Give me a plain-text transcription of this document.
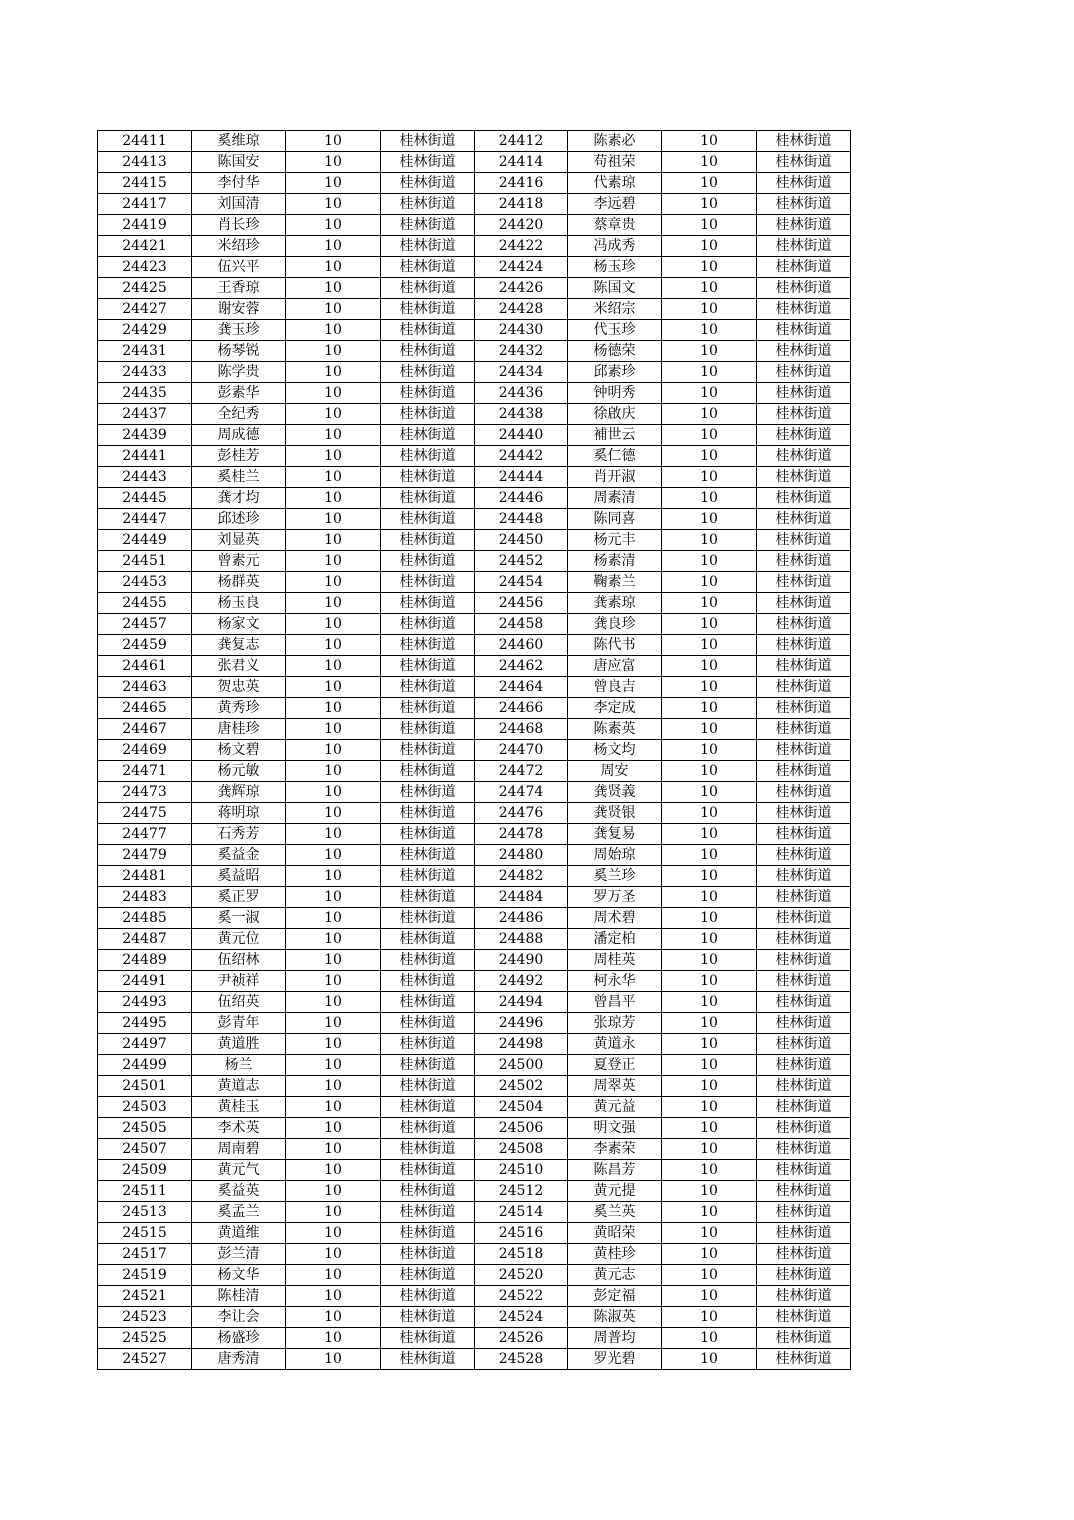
24411	奚维琼	10	桂林街道	24412	陈素必	10	桂林街道
24413	陈国安	10	桂林街道	24414	苟祖荣	10	桂林街道
24415	李付华	10	桂林街道	24416	代素琼	10	桂林街道
24417	刘国清	10	桂林街道	24418	李远碧	10	桂林街道
24419	肖长珍	10	桂林街道	24420	蔡章贵	10	桂林街道
24421	米绍珍	10	桂林街道	24422	冯成秀	10	桂林街道
24423	伍兴平	10	桂林街道	24424	杨玉珍	10	桂林街道
24425	王香琼	10	桂林街道	24426	陈国文	10	桂林街道
24427	谢安蓉	10	桂林街道	24428	米绍宗	10	桂林街道
24429	龚玉珍	10	桂林街道	24430	代玉珍	10	桂林街道
24431	杨琴锐	10	桂林街道	24432	杨德荣	10	桂林街道
24433	陈学贵	10	桂林街道	24434	邱素珍	10	桂林街道
24435	彭素华	10	桂林街道	24436	钟明秀	10	桂林街道
24437	全纪秀	10	桂林街道	24438	徐啟庆	10	桂林街道
24439	周成德	10	桂林街道	24440	補世云	10	桂林街道
24441	彭桂芳	10	桂林街道	24442	奚仁德	10	桂林街道
24443	奚桂兰	10	桂林街道	24444	肖开淑	10	桂林街道
24445	龚才均	10	桂林街道	24446	周素清	10	桂林街道
24447	邱述珍	10	桂林街道	24448	陈同喜	10	桂林街道
24449	刘显英	10	桂林街道	24450	杨元丰	10	桂林街道
24451	曾素元	10	桂林街道	24452	杨素清	10	桂林街道
24453	杨群英	10	桂林街道	24454	鞠素兰	10	桂林街道
24455	杨玉良	10	桂林街道	24456	龚素琼	10	桂林街道
24457	杨家文	10	桂林街道	24458	龚良珍	10	桂林街道
24459	龚复志	10	桂林街道	24460	陈代书	10	桂林街道
24461	张君义	10	桂林街道	24462	唐应富	10	桂林街道
24463	贺忠英	10	桂林街道	24464	曾良吉	10	桂林街道
24465	黄秀珍	10	桂林街道	24466	李定成	10	桂林街道
24467	唐桂珍	10	桂林街道	24468	陈素英	10	桂林街道
24469	杨文碧	10	桂林街道	24470	杨文均	10	桂林街道
24471	杨元敏	10	桂林街道	24472	周安	10	桂林街道
24473	龚辉琼	10	桂林街道	24474	龚贤義	10	桂林街道
24475	蒋明琼	10	桂林街道	24476	龚贤银	10	桂林街道
24477	石秀芳	10	桂林街道	24478	龚复易	10	桂林街道
24479	奚益金	10	桂林街道	24480	周始琼	10	桂林街道
24481	奚益昭	10	桂林街道	24482	奚兰珍	10	桂林街道
24483	奚正罗	10	桂林街道	24484	罗万圣	10	桂林街道
24485	奚一淑	10	桂林街道	24486	周术碧	10	桂林街道
24487	黄元位	10	桂林街道	24488	潘定柏	10	桂林街道
24489	伍绍林	10	桂林街道	24490	周桂英	10	桂林街道
24491	尹祯祥	10	桂林街道	24492	柯永华	10	桂林街道
24493	伍绍英	10	桂林街道	24494	曾昌平	10	桂林街道
24495	彭青年	10	桂林街道	24496	张琼芳	10	桂林街道
24497	黄道胜	10	桂林街道	24498	黄道永	10	桂林街道
24499	杨兰	10	桂林街道	24500	夏登正	10	桂林街道
24501	黄道志	10	桂林街道	24502	周翠英	10	桂林街道
24503	黄桂玉	10	桂林街道	24504	黄元益	10	桂林街道
24505	李术英	10	桂林街道	24506	明文强	10	桂林街道
24507	周南碧	10	桂林街道	24508	李素荣	10	桂林街道
24509	黄元气	10	桂林街道	24510	陈昌芳	10	桂林街道
24511	奚益英	10	桂林街道	24512	黄元提	10	桂林街道
24513	奚孟兰	10	桂林街道	24514	奚兰英	10	桂林街道
24515	黄道维	10	桂林街道	24516	黄昭荣	10	桂林街道
24517	彭兰清	10	桂林街道	24518	黄桂珍	10	桂林街道
24519	杨文华	10	桂林街道	24520	黄元志	10	桂林街道
24521	陈桂清	10	桂林街道	24522	彭定福	10	桂林街道
24523	李让会	10	桂林街道	24524	陈淑英	10	桂林街道
24525	杨盛珍	10	桂林街道	24526	周普均	10	桂林街道
24527	唐秀清	10	桂林街道	24528	罗光碧	10	桂林街道
